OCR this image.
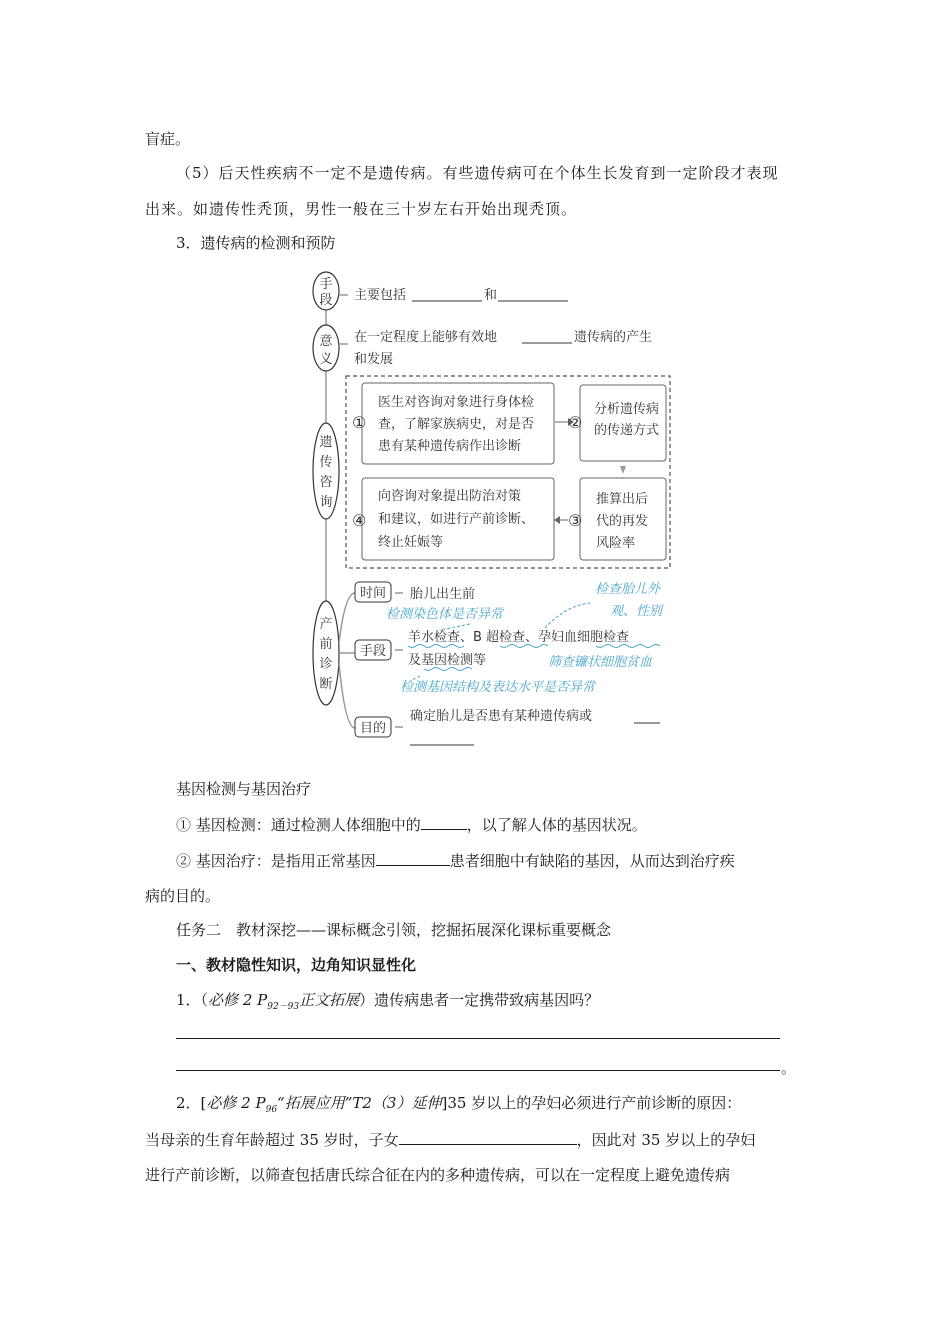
盲症。
（5）后天性疾病不一定不是遗传病。有些遗传病可在个体生长发育到一定阶段才表现
出来。如遗传性秃顶，男性一般在三十岁左右开始出现秃顶。
3．遗传病的检测和预防
手
段 主要包括	和
意
义
在一定程度上能够有效地	遗传病的产生
和发展
遗
传
咨
询
①
医生对咨询对象进行身体检
查，了解家族病史，对是否
患有某种遗传病作出诊断
②
分析遗传病
的传递方式
③
推算出后
代的再发
风险率
④
向咨询对象提出防治对策
和建议，如进行产前诊断、
终止妊娠等
产
前
诊
断
时间 胎儿出生前
检测染色体是否异常
检查胎儿外
观、性别
手段
羊水检查、B 超检查、孕妇血细胞检查
及基因检测等	筛查镰状细胞贫血
检测基因结构及表达水平是否异常
目的
确定胎儿是否患有某种遗传病或
基因检测与基因治疗
① 基因检测：通过检测人体细胞中的	，以了解人体的基因状况。
② 基因治疗：是指用正常基因	患者细胞中有缺陷的基因，从而达到治疗疾
病的目的。
任务二　教材深挖——课标概念引领，挖掘拓展深化课标重要概念
一、教材隐性知识，边角知识显性化
1．（必修 2 $P_{92-93}$正文拓展）遗传病患者一定携带致病基因吗？
。
2．[必修 2 $P_{96}“$拓展应用”T2（3）延伸]35 岁以上的孕妇必须进行产前诊断的原因：
当母亲的生育年龄超过 35 岁时，子女	，因此对 35 岁以上的孕妇
进行产前诊断，以筛查包括唐氏综合征在内的多种遗传病，可以在一定程度上避免遗传病
